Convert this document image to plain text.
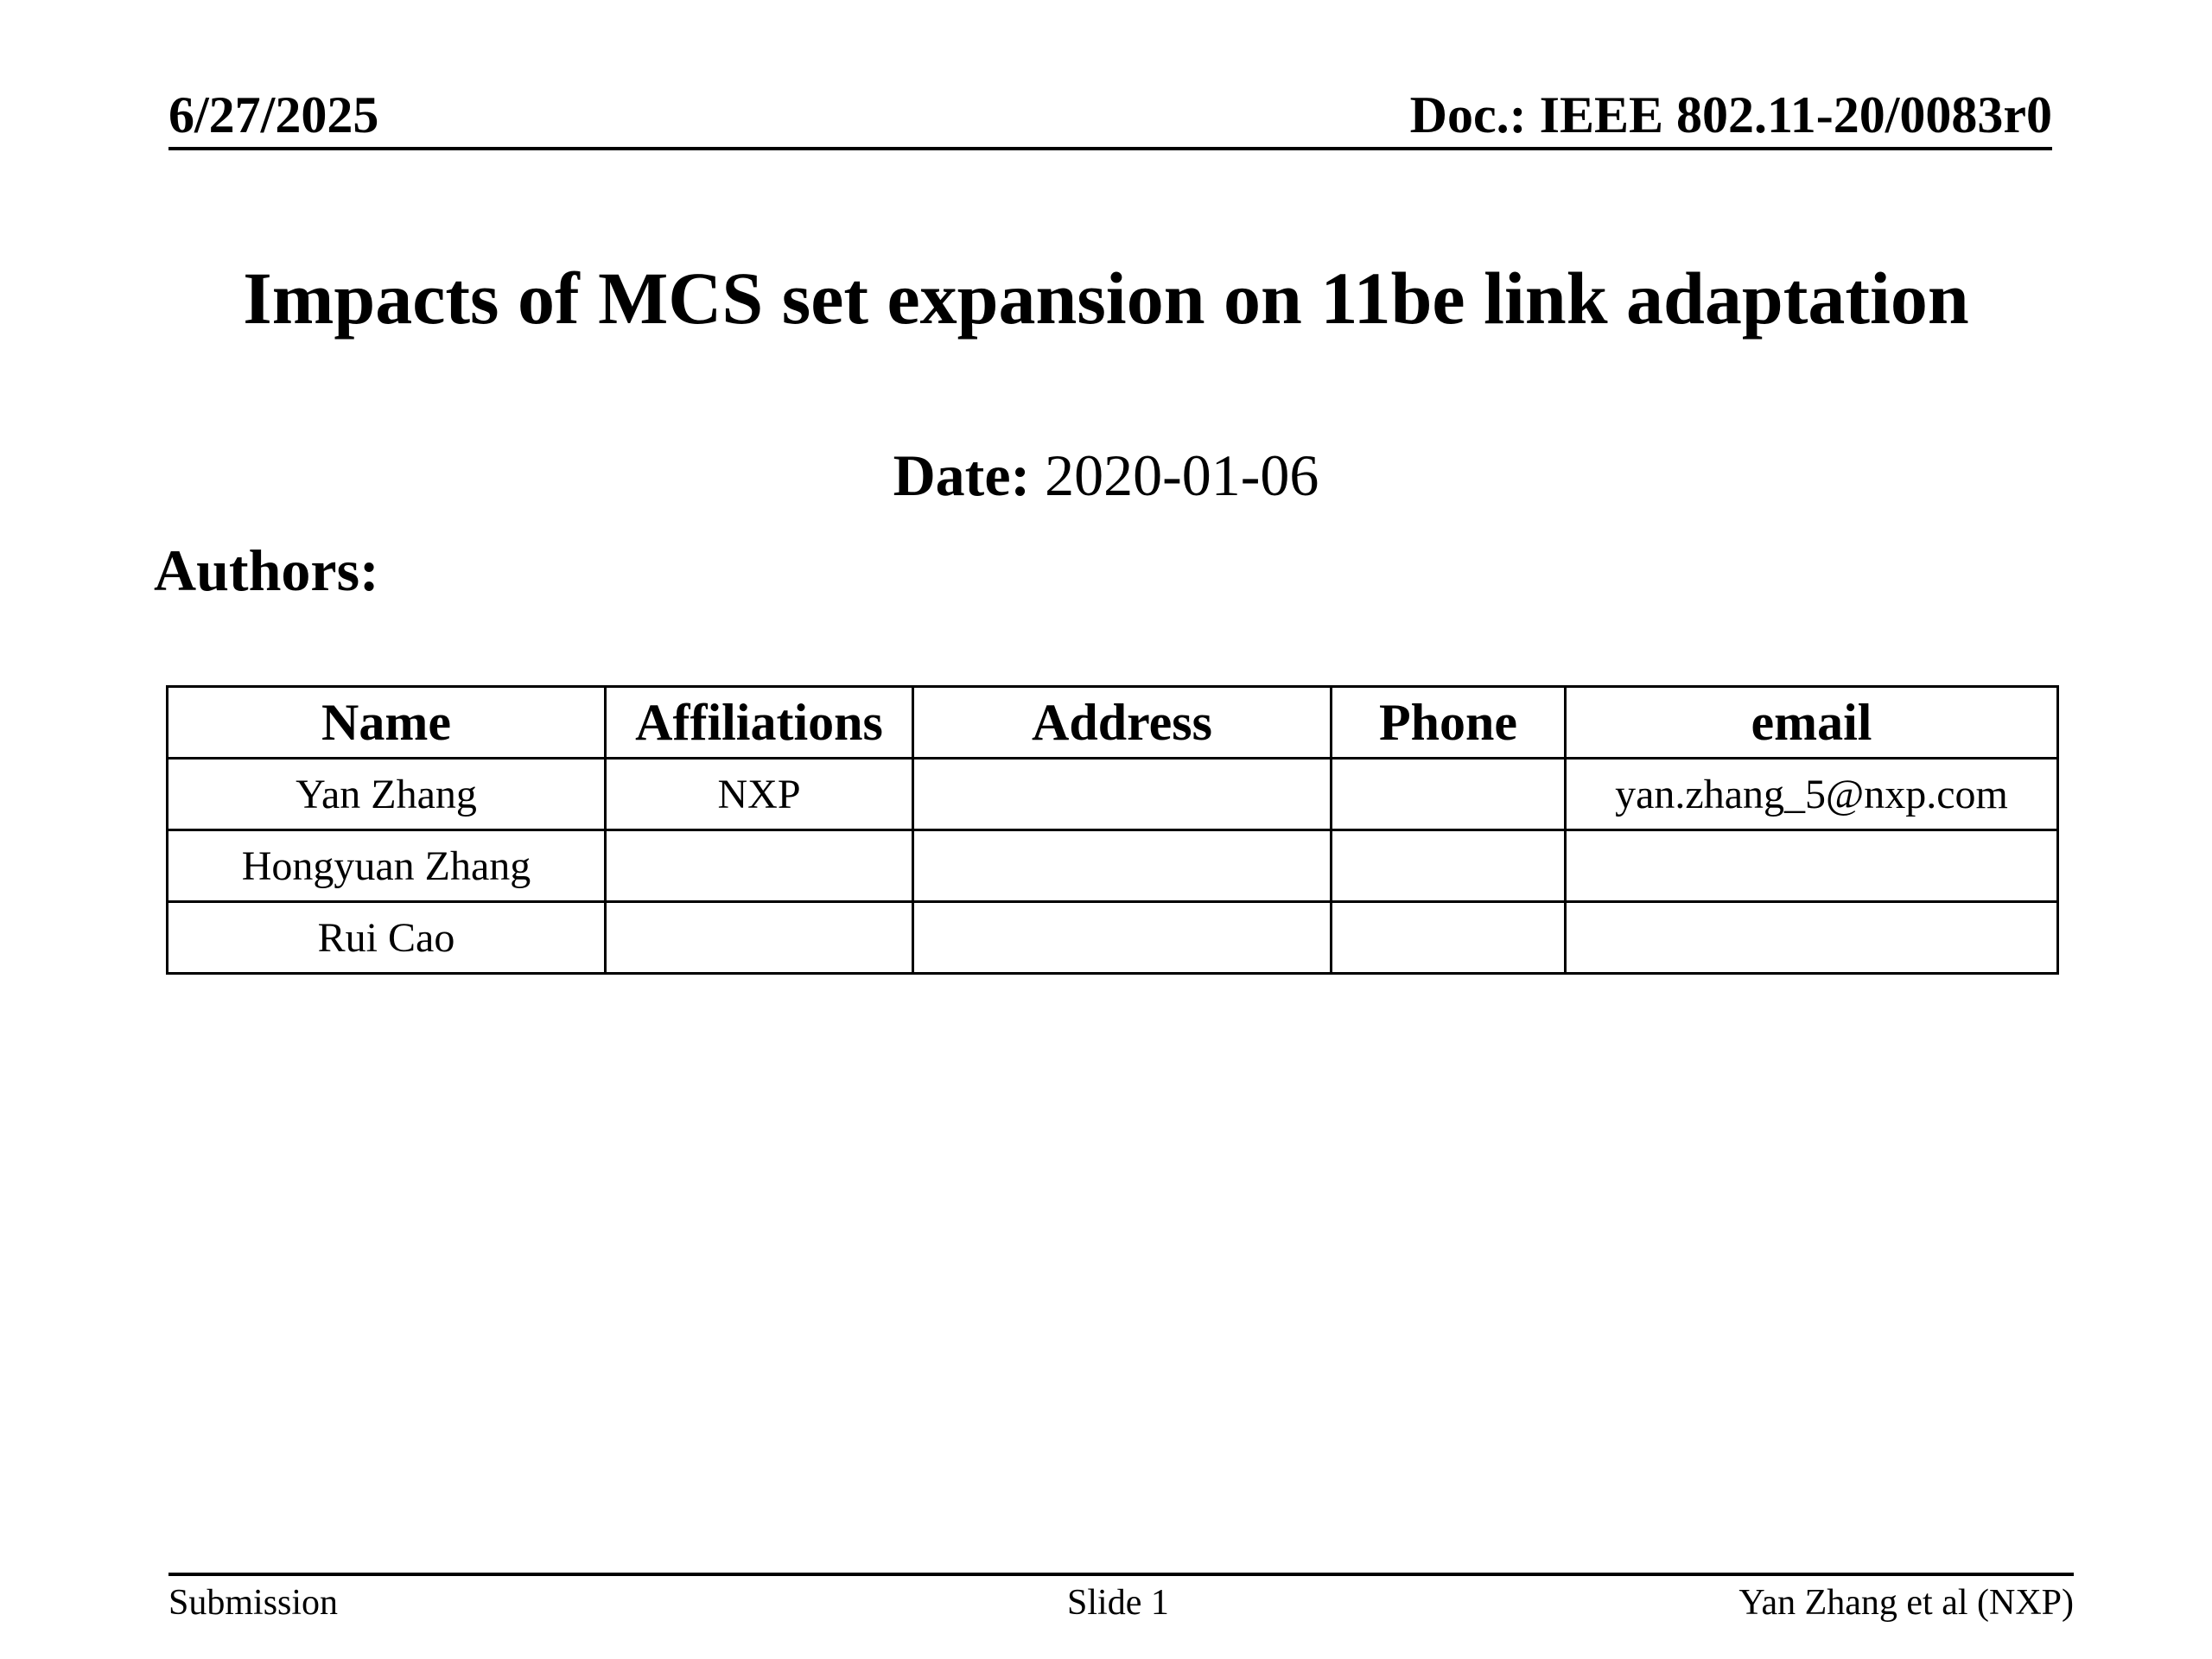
6/27/2025	Doc.: IEEE 802.11-20/0083r0
Impacts of MCS set expansion on 11be link adaptation
Date: 2020-01-06
Authors:
Name	Affiliations	Address	Phone	email
Yan Zhang	NXP			yan.zhang_5@nxp.com
Hongyuan Zhang				
Rui Cao				
Submission	Slide 1	Yan Zhang et al (NXP)
